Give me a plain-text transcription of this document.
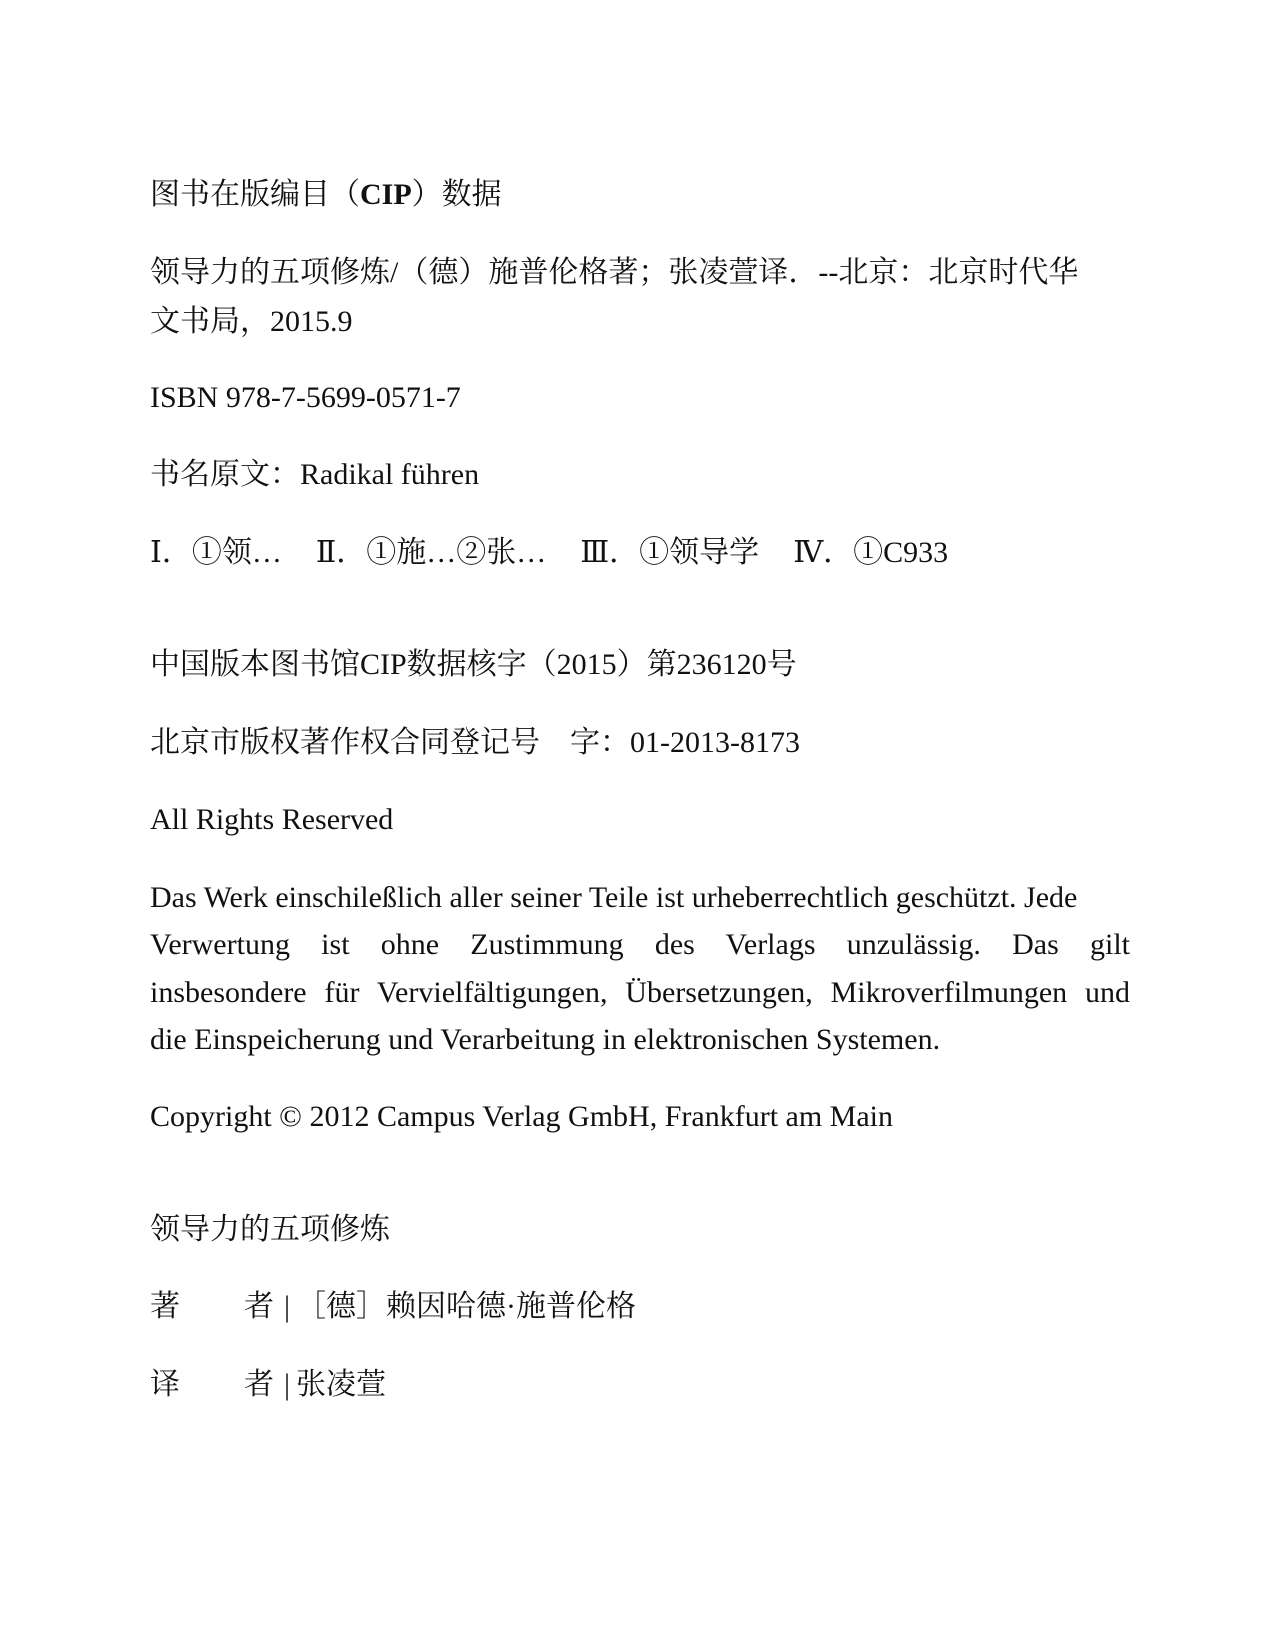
图书在版编目（CIP）数据
领导力的五项修炼/（德）施普伦格著；张凌萱译．--北京：北京时代华
文书局，2015.9
ISBN 978-7-5699-0571-7
书名原文：Radikal führen
Ⅰ．①领… Ⅱ．①施…②张… Ⅲ．①领导学 Ⅳ．①C933
中国版本图书馆CIP数据核字（2015）第236120号
北京市版权著作权合同登记号　字：01-2013-8173
All Rights Reserved
Das Werk einschileßlich aller seiner Teile ist urheberrechtlich geschützt. Jede
Verwertung ist ohne Zustimmung des Verlags unzulässig. Das gilt
insbesondere für Vervielfältigungen, Übersetzungen, Mikroverfilmungen und
die Einspeicherung und Verarbeitung in elektronischen Systemen.
Copyright © 2012 Campus Verlag GmbH, Frankfurt am Main
领导力的五项修炼
著 者 | ［德］赖因哈德·施普伦格
译 者 | 张凌萱
